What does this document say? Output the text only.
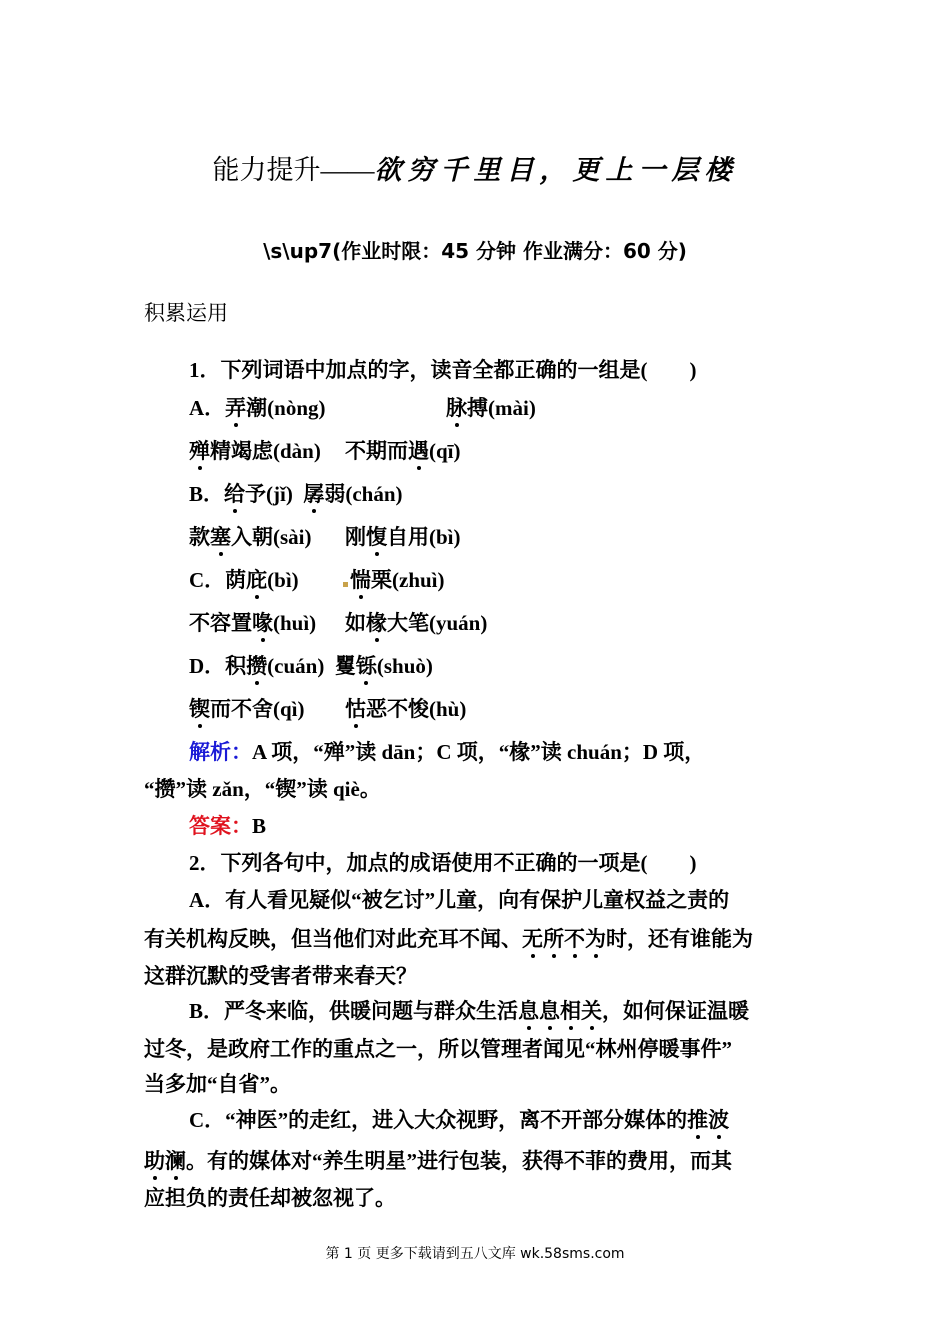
能力提升——欲穷千里目，更上一层楼
\s\up7(作业时限：45 分钟 作业满分：60 分)
积累运用
1．下列词语中加点的字，读音全都正确的一组是(　　)
A．弄潮(nòng)	脉搏(mài)
殚精竭虑(dàn) 不期而遇(qī)
B．给予(jǐ) 孱弱(chán)
款塞入朝(sài) 刚愎自用(bì)
C．荫庇(bì)	惴栗(zhuì)
不容置喙(huì) 如椽大笔(yuán)
D．积攒(cuán) 矍铄(shuò)
锲而不舍(qì) 怙恶不悛(hù)
解析：A 项，“殚”读 dān；C 项，“椽”读 chuán；D 项，
“攒”读 zǎn，“锲”读 qiè。
答案：B
2．下列各句中，加点的成语使用不正确的一项是(　　)
A．有人看见疑似“被乞讨”儿童，向有保护儿童权益之责的
有关机构反映，但当他们对此充耳不闻、无所不为时，还有谁能为
这群沉默的受害者带来春天？
B．严冬来临，供暖问题与群众生活息息相关，如何保证温暖
过冬，是政府工作的重点之一，所以管理者闻见“林州停暖事件”
当多加“自省”。
C．“神医”的走红，进入大众视野，离不开部分媒体的推波
助澜。有的媒体对“养生明星”进行包装，获得不菲的费用，而其
应担负的责任却被忽视了。
第 1 页 更多下载请到五八文库 wk.58sms.com
